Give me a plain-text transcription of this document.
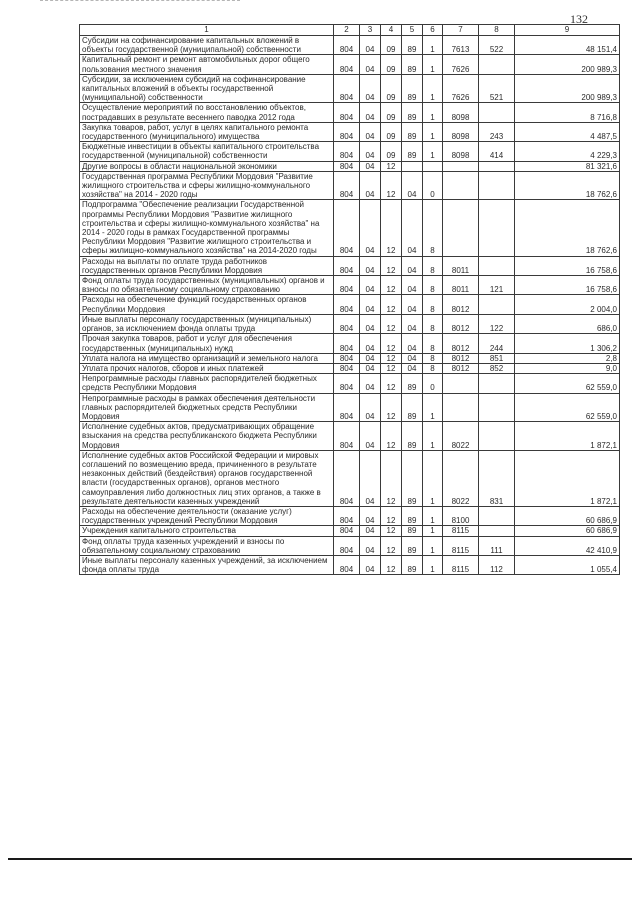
132
1	2	3	4	5	6	7	8	9
Субсидии на софинансирование капитальных вложений в объекты государственной (муниципальной) собственности	804	04	09	89	1	7613	522	48 151,4
Капитальный ремонт и ремонт автомобильных дорог общего пользования местного значения	804	04	09	89	1	7626		200 989,3
Субсидии, за исключением субсидий на софинансирование капитальных вложений в объекты государственной (муниципальной) собственности	804	04	09	89	1	7626	521	200 989,3
Осуществление мероприятий по восстановлению объектов, пострадавших в результате весеннего паводка 2012 года	804	04	09	89	1	8098		8 716,8
Закупка товаров, работ, услуг в целях капитального ремонта государственного (муниципального) имущества	804	04	09	89	1	8098	243	4 487,5
Бюджетные инвестиции в объекты капитального строительства государственной (муниципальной) собственности	804	04	09	89	1	8098	414	4 229,3
Другие вопросы в области национальной экономики	804	04	12					81 321,6
Государственная программа Республики Мордовия "Развитие жилищного строительства и сферы жилищно-коммунального хозяйства" на 2014 - 2020 годы	804	04	12	04	0			18 762,6
Подпрограмма "Обеспечение реализации Государственной программы Республики Мордовия "Развитие жилищного строительства и сферы жилищно-коммунального хозяйства" на 2014 - 2020 годы в рамках Государственной программы Республики Мордовия "Развитие жилищного строительства и сферы жилищно-коммунального хозяйства" на 2014-2020 годы	804	04	12	04	8			18 762,6
Расходы на выплаты по оплате труда работников государственных органов Республики Мордовия	804	04	12	04	8	8011		16 758,6
Фонд оплаты труда государственных (муниципальных) органов и взносы по обязательному социальному страхованию	804	04	12	04	8	8011	121	16 758,6
Расходы на обеспечение функций государственных органов Республики Мордовия	804	04	12	04	8	8012		2 004,0
Иные выплаты персоналу государственных (муниципальных) органов, за исключением фонда оплаты труда	804	04	12	04	8	8012	122	686,0
Прочая закупка товаров, работ и услуг для обеспечения государственных (муниципальных) нужд	804	04	12	04	8	8012	244	1 306,2
Уплата налога на имущество организаций и земельного налога	804	04	12	04	8	8012	851	2,8
Уплата прочих налогов, сборов и иных платежей	804	04	12	04	8	8012	852	9,0
Непрограммные расходы главных распорядителей бюджетных средств Республики Мордовия	804	04	12	89	0			62 559,0
Непрограммные расходы в рамках обеспечения деятельности главных распорядителей бюджетных средств Республики Мордовия	804	04	12	89	1			62 559,0
Исполнение судебных актов, предусматривающих обращение взыскания на средства республиканского бюджета Республики Мордовия	804	04	12	89	1	8022		1 872,1
Исполнение судебных актов Российской Федерации и мировых соглашений по возмещению вреда, причиненного в результате незаконных действий (бездействия) органов государственной власти (государственных органов), органов местного самоуправления либо должностных лиц этих органов, а также в результате деятельности казенных учреждений	804	04	12	89	1	8022	831	1 872,1
Расходы на обеспечение деятельности (оказание услуг) государственных учреждений Республики Мордовия	804	04	12	89	1	8100		60 686,9
Учреждения капитального строительства	804	04	12	89	1	8115		60 686,9
Фонд оплаты труда казенных учреждений и взносы по обязательному социальному страхованию	804	04	12	89	1	8115	111	42 410,9
Иные выплаты персоналу казенных учреждений, за исключением фонда оплаты труда	804	04	12	89	1	8115	112	1 055,4
